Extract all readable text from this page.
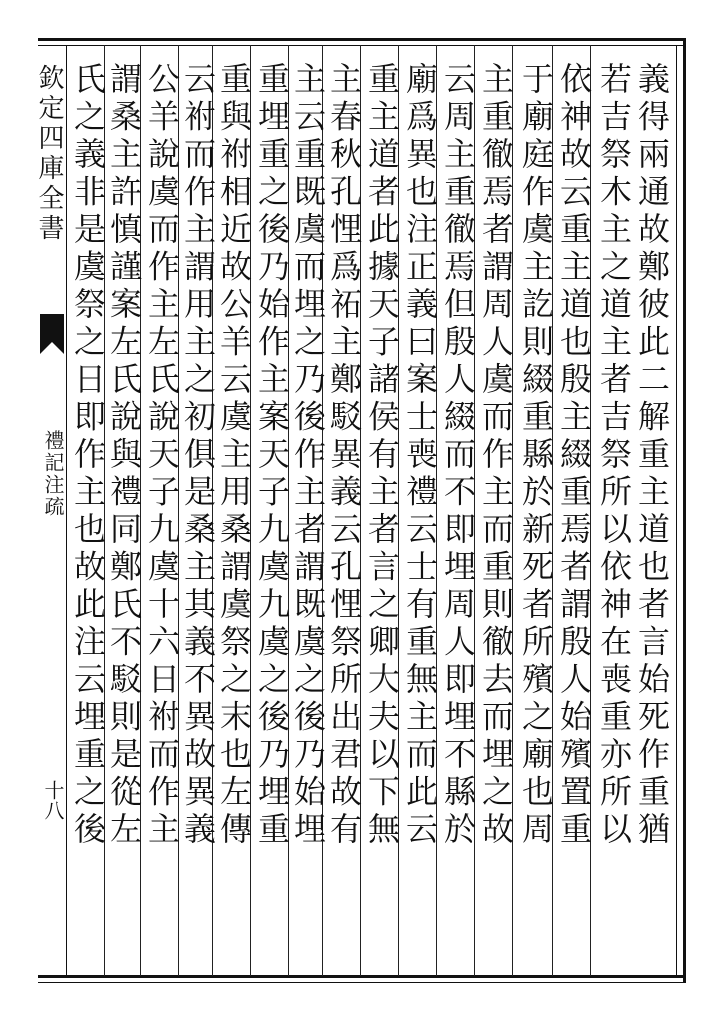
欽定四庫全書
禮記注疏
十八	義得兩通故鄭彼此二解重主道也者言始死作重猶
若吉祭木主之道主者吉祭所以依神在喪重亦所以
依神故云重主道也殷主綴重焉者謂殷人始殯置重
于廟庭作虞主訖則綴重縣於新死者所殯之廟也周
主重徹焉者謂周人虞而作主而重則徹去而埋之故
云周主重徹焉但殷人綴而不即埋周人即埋不縣於
廟爲異也注正義曰案士喪禮云士有重無主而此云
重主道者此據天子諸侯有主者言之卿大夫以下無
主春秋孔悝爲祏主鄭駁異義云孔悝祭所出君故有
主云重既虞而埋之乃後作主者謂既虞之後乃始埋
重埋重之後乃始作主案天子九虞九虞之後乃埋重
重與祔相近故公羊云虞主用桑謂虞祭之末也左傳
云祔而作主謂用主之初俱是桑主其義不異故異義
公羊說虞而作主左氏說天子九虞十六日祔而作主
謂桑主許慎謹案左氏說與禮同鄭氏不駁則是從左
氏之義非是虞祭之日即作主也故此注云埋重之後
